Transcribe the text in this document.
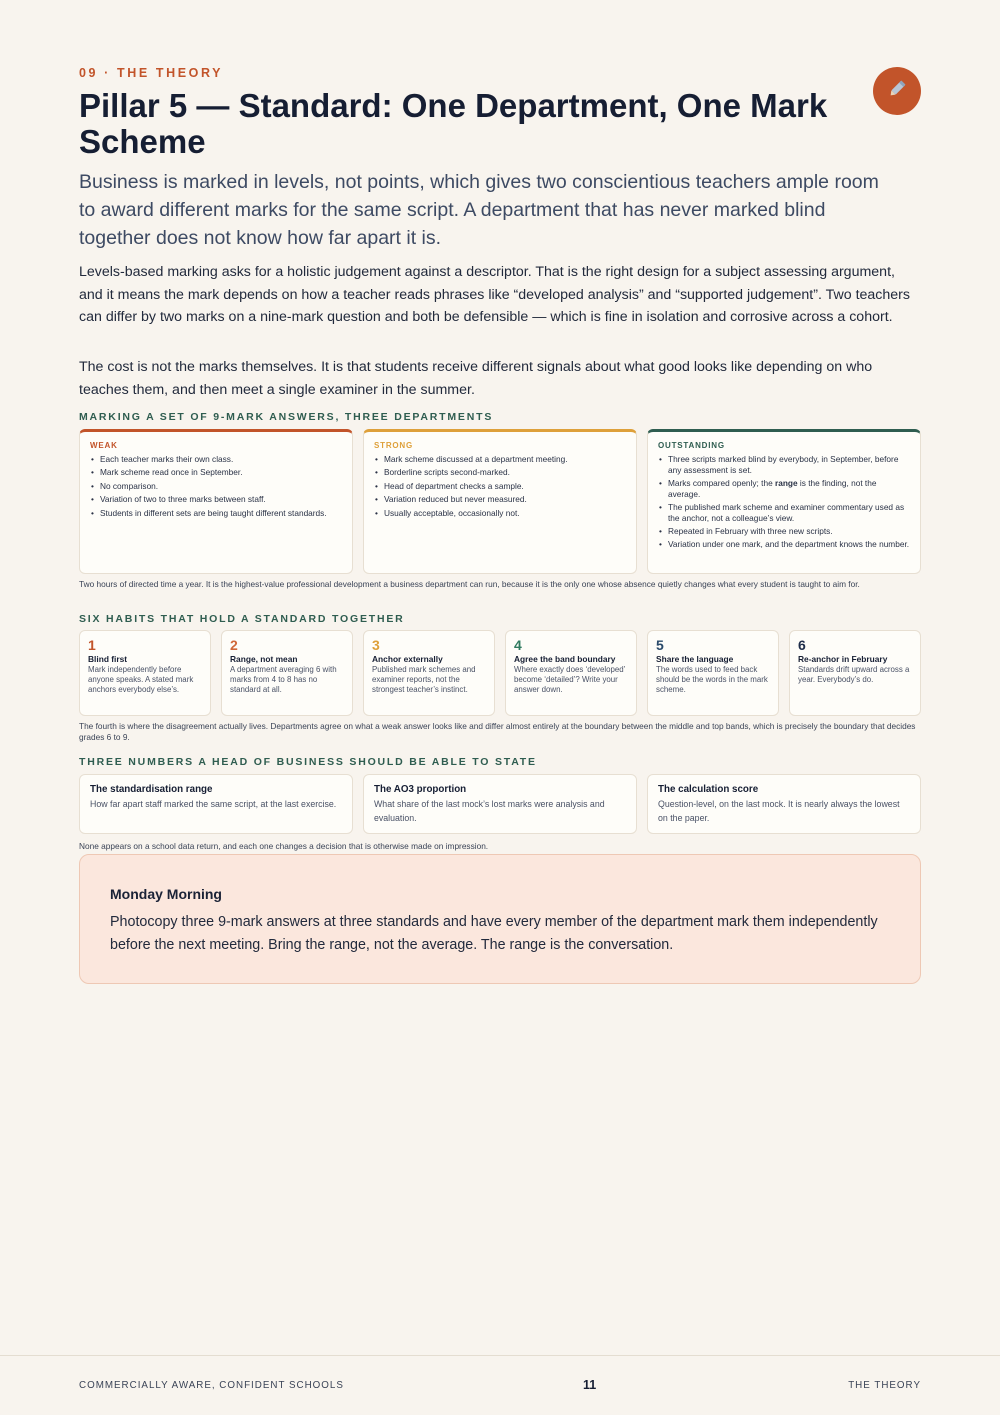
09 · THE THEORY
Pillar 5 — Standard: One Department, One Mark Scheme

Business is marked in levels, not points, which gives two conscientious teachers ample room to award different marks for the same script. A department that has never marked blind together does not know how far apart it is.

Levels-based marking asks for a holistic judgement against a descriptor. That is the right design for a subject assessing argument, and it means the mark depends on how a teacher reads phrases like “developed analysis” and “supported judgement”. Two teachers can differ by two marks on a nine-mark question and both be defensible — which is fine in isolation and corrosive across a cohort.

The cost is not the marks themselves. It is that students receive different signals about what good looks like depending on who teaches them, and then meet a single examiner in the summer.

MARKING A SET OF 9-MARK ANSWERS, THREE DEPARTMENTS
WEAK
• Each teacher marks their own class.
• Mark scheme read once in September.
• No comparison.
• Variation of two to three marks between staff.
• Students in different sets are being taught different standards.
STRONG
• Mark scheme discussed at a department meeting.
• Borderline scripts second-marked.
• Head of department checks a sample.
• Variation reduced but never measured.
• Usually acceptable, occasionally not.
OUTSTANDING
• Three scripts marked blind by everybody, in September, before any assessment is set.
• Marks compared openly; the range is the finding, not the average.
• The published mark scheme and examiner commentary used as the anchor, not a colleague’s view.
• Repeated in February with three new scripts.
• Variation under one mark, and the department knows the number.

Two hours of directed time a year. It is the highest-value professional development a business department can run, because it is the only one whose absence quietly changes what every student is taught to aim for.

SIX HABITS THAT HOLD A STANDARD TOGETHER
1
Blind first
Mark independently before anyone speaks. A stated mark anchors everybody else’s.
2
Range, not mean
A department averaging 6 with marks from 4 to 8 has no standard at all.
3
Anchor externally
Published mark schemes and examiner reports, not the strongest teacher’s instinct.
4
Agree the band boundary
Where exactly does ‘developed’ become ‘detailed’? Write your answer down.
5
Share the language
The words used to feed back should be the words in the mark scheme.
6
Re-anchor in February
Standards drift upward across a year. Everybody’s do.

The fourth is where the disagreement actually lives. Departments agree on what a weak answer looks like and differ almost entirely at the boundary between the middle and top bands, which is precisely the boundary that decides grades 6 to 9.

THREE NUMBERS A HEAD OF BUSINESS SHOULD BE ABLE TO STATE
The standardisation range
How far apart staff marked the same script, at the last exercise.
The AO3 proportion
What share of the last mock’s lost marks were analysis and evaluation.
The calculation score
Question-level, on the last mock. It is nearly always the lowest on the paper.

None appears on a school data return, and each one changes a decision that is otherwise made on impression.

Monday Morning

Photocopy three 9-mark answers at three standards and have every member of the department mark them independently before the next meeting. Bring the range, not the average. The range is the conversation.

COMMERCIALLY AWARE, CONFIDENT SCHOOLS	11	THE THEORY
